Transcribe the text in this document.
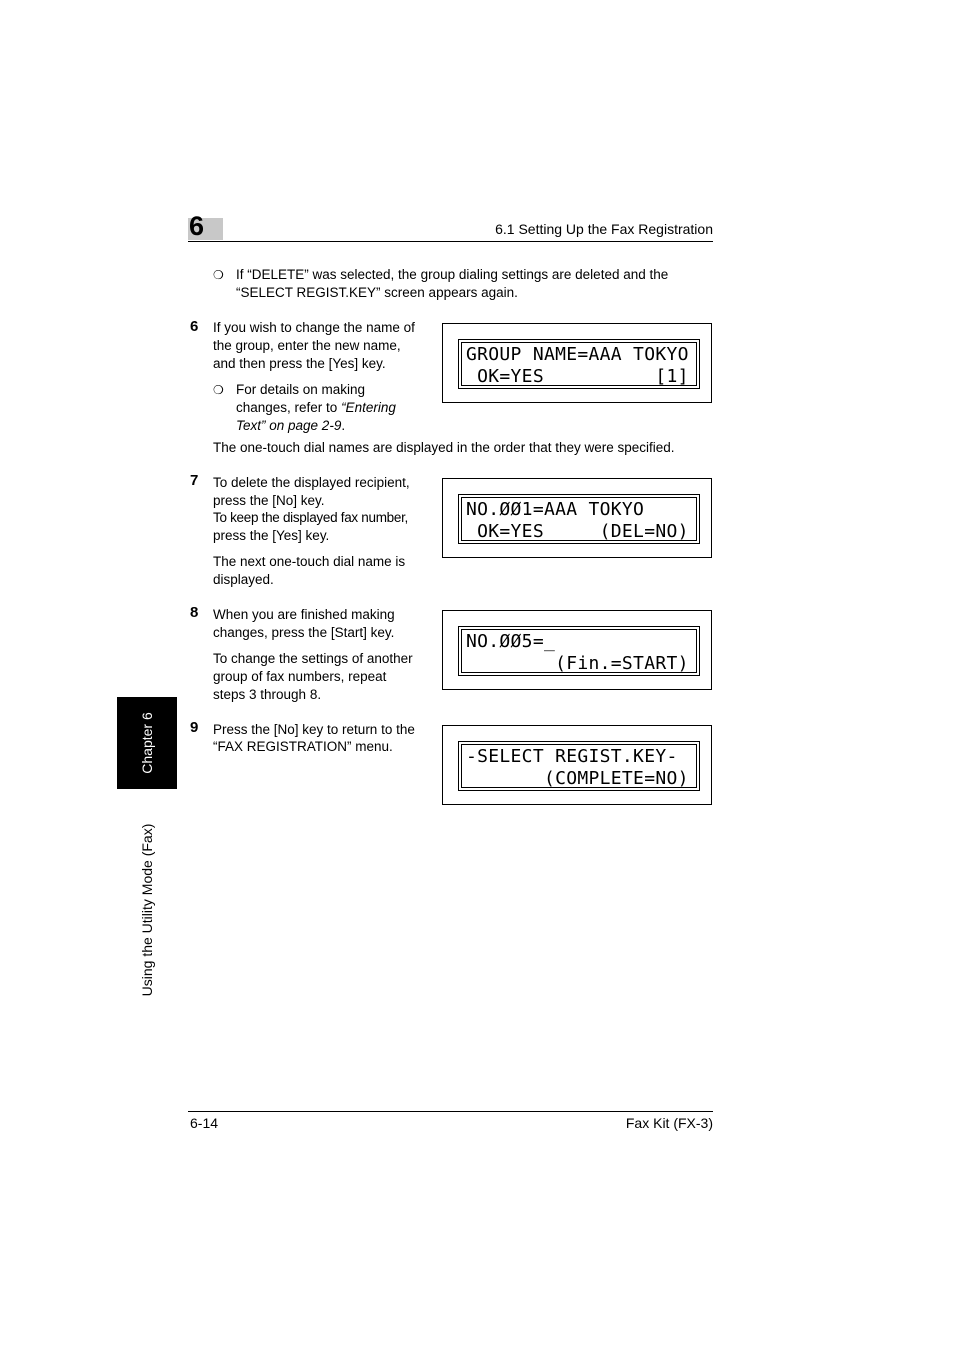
6	6.1 Setting Up the Fax Registration
❍ If “DELETE” was selected, the group dialing settings are deleted and the
“SELECT REGIST.KEY” screen appears again.
6 If you wish to change the name of
the group, enter the new name,
and then press the [Yes] key.
❍ For details on making
changes, refer to “Entering
Text” on page 2-9.
The one-touch dial names are displayed in the order that they were specified.
GROUP NAME=AAA TOKYO
OK=YES          [1]
7 To delete the displayed recipient,
press the [No] key.
To keep the displayed fax number,
press the [Yes] key.
The next one-touch dial name is
displayed.
NO.ØØ1=AAA TOKYO
OK=YES     (DEL=NO)
8 When you are finished making
changes, press the [Start] key.
To change the settings of another
group of fax numbers, repeat
steps 3 through 8.
NO.ØØ5=_
(Fin.=START)
9 Press the [No] key to return to the
“FAX REGISTRATION” menu.	-SELECT REGIST.KEY-
(COMPLETE=NO)
Chapter 6
Using the Utility Mode (Fax)
6-14	Fax Kit (FX-3)
